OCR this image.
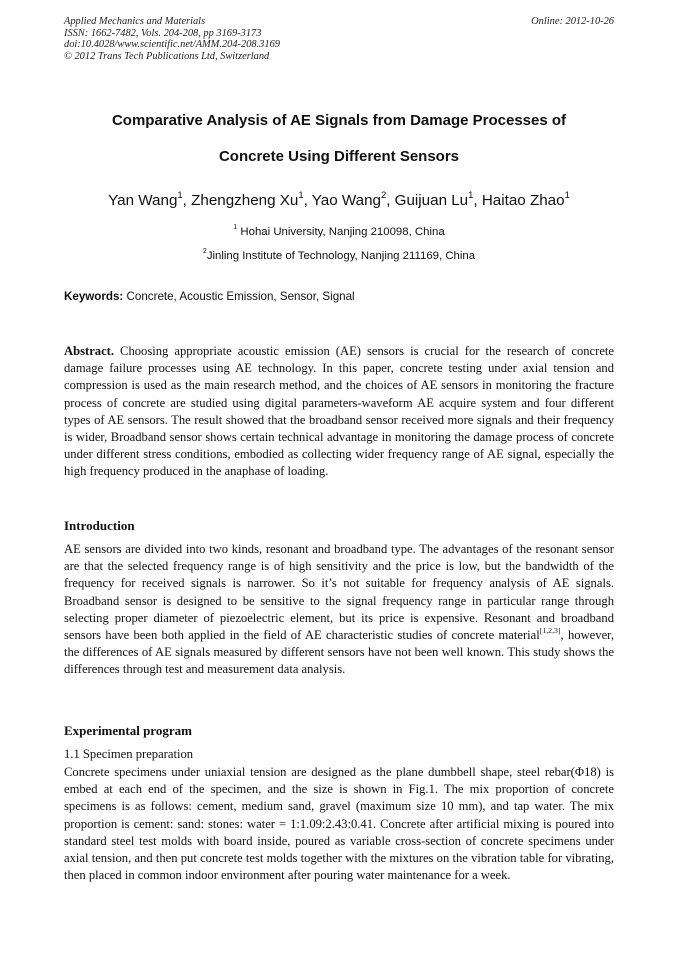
Applied Mechanics and Materials
ISSN: 1662-7482, Vols. 204-208, pp 3169-3173
doi:10.4028/www.scientific.net/AMM.204-208.3169
© 2012 Trans Tech Publications Ltd, Switzerland
Online: 2012-10-26
Comparative Analysis of AE Signals from Damage Processes of
Concrete Using Different Sensors
Yan Wang$^1$, Zhengzheng Xu$^1$, Yao Wang$^2$, Guijuan Lu$^1$, Haitao Zhao$^1$
$^1$ Hohai University, Nanjing 210098, China
$^2$Jinling Institute of Technology, Nanjing 211169, China
Keywords: Concrete, Acoustic Emission, Sensor, Signal
Abstract. Choosing appropriate acoustic emission (AE) sensors is crucial for the research of concrete damage failure processes using AE technology. In this paper, concrete testing under axial tension and compression is used as the main research method, and the choices of AE sensors in monitoring the fracture process of concrete are studied using digital parameters-waveform AE acquire system and four different types of AE sensors. The result showed that the broadband sensor received more signals and their frequency is wider, Broadband sensor shows certain technical advantage in monitoring the damage process of concrete under different stress conditions, embodied as collecting wider frequency range of AE signal, especially the high frequency produced in the anaphase of loading.
Introduction
AE sensors are divided into two kinds, resonant and broadband type. The advantages of the resonant sensor are that the selected frequency range is of high sensitivity and the price is low, but the bandwidth of the frequency for received signals is narrower. So it’s not suitable for frequency analysis of AE signals. Broadband sensor is designed to be sensitive to the signal frequency range in particular range through selecting proper diameter of piezoelectric element, but its price is expensive. Resonant and broadband sensors have been both applied in the field of AE characteristic studies of concrete material[1,2,3], however, the differences of AE signals measured by different sensors have not been well known. This study shows the differences through test and measurement data analysis.
Experimental program
1.1 Specimen preparation
Concrete specimens under uniaxial tension are designed as the plane dumbbell shape, steel rebar(Φ18) is embed at each end of the specimen, and the size is shown in Fig.1. The mix proportion of concrete specimens is as follows: cement, medium sand, gravel (maximum size 10 mm), and tap water. The mix proportion is cement: sand: stones: water = 1:1.09:2.43:0.41. Concrete after artificial mixing is poured into standard steel test molds with board inside, poured as variable cross-section of concrete specimens under axial tension, and then put concrete test molds together with the mixtures on the vibration table for vibrating, then placed in common indoor environment after pouring water maintenance for a week.
